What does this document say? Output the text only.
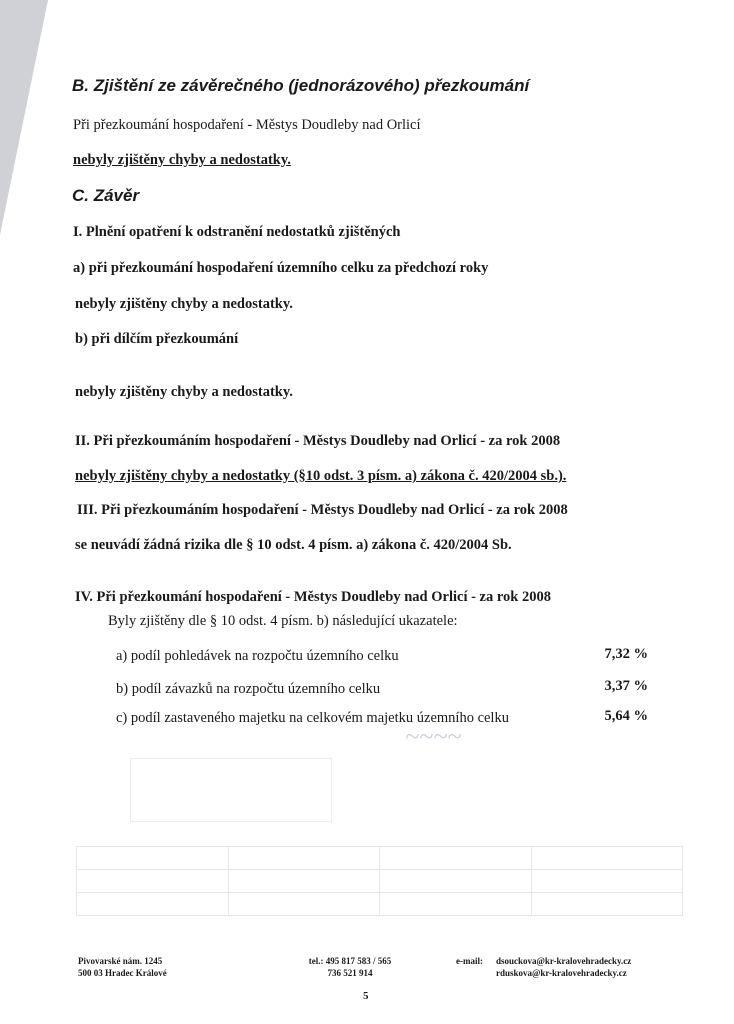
~~~~

B. Zjištění ze závěrečného (jednorázového) přezkoumání
Při přezkoumání hospodaření - Městys Doudleby nad Orlicí
nebyly zjištěny chyby a nedostatky.
C. Závěr
I. Plnění opatření k odstranění nedostatků zjištěných
a) při přezkoumání hospodaření územního celku za předchozí roky
nebyly zjištěny chyby a nedostatky.
b) při dílčím přezkoumání
nebyly zjištěny chyby a nedostatky.
II. Při přezkoumáním hospodaření - Městys Doudleby nad Orlicí - za rok 2008
nebyly zjištěny chyby a nedostatky (§10 odst. 3 písm. a) zákona č. 420/2004 sb.).
III. Při přezkoumáním hospodaření - Městys Doudleby nad Orlicí - za rok 2008
se neuvádí žádná rizika dle § 10 odst. 4 písm. a) zákona č. 420/2004 Sb.
IV. Při přezkoumání hospodaření - Městys Doudleby nad Orlicí - za rok 2008
Byly zjištěny dle § 10 odst. 4 písm. b) následující ukazatele:
a) podíl pohledávek na rozpočtu územního celku	7,32 %
b) podíl závazků na rozpočtu územního celku	3,37 %
c) podíl zastaveného majetku na celkovém majetku územního celku	5,64 %
Pivovarské nám. 1245
500 03 Hradec Králové
tel.: 495 817 583 / 565
736 521 914
e-mail: dsouckova@kr-kralovehradecky.cz
rduskova@kr-kralovehradecky.cz
5
